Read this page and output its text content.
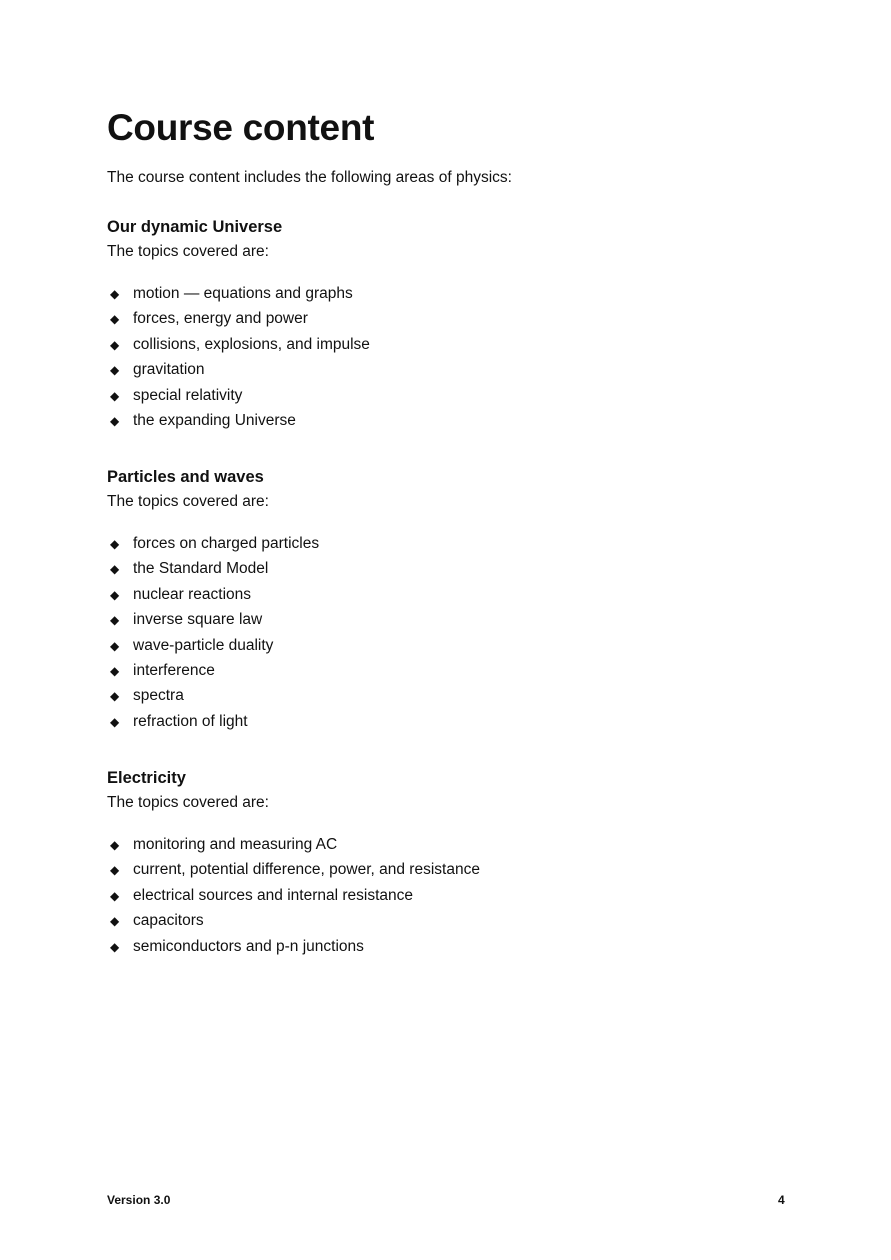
Course content

The course content includes the following areas of physics:

Our dynamic Universe

The topics covered are:

◆ motion — equations and graphs
◆ forces, energy and power
◆ collisions, explosions, and impulse
◆ gravitation
◆ special relativity
◆ the expanding Universe
Particles and waves

The topics covered are:

◆ forces on charged particles
◆ the Standard Model
◆ nuclear reactions
◆ inverse square law
◆ wave-particle duality
◆ interference
◆ spectra
◆ refraction of light
Electricity

The topics covered are:

◆ monitoring and measuring AC
◆ current, potential difference, power, and resistance
◆ electrical sources and internal resistance
◆ capacitors
◆ semiconductors and p-n junctions
Version 3.0	4
